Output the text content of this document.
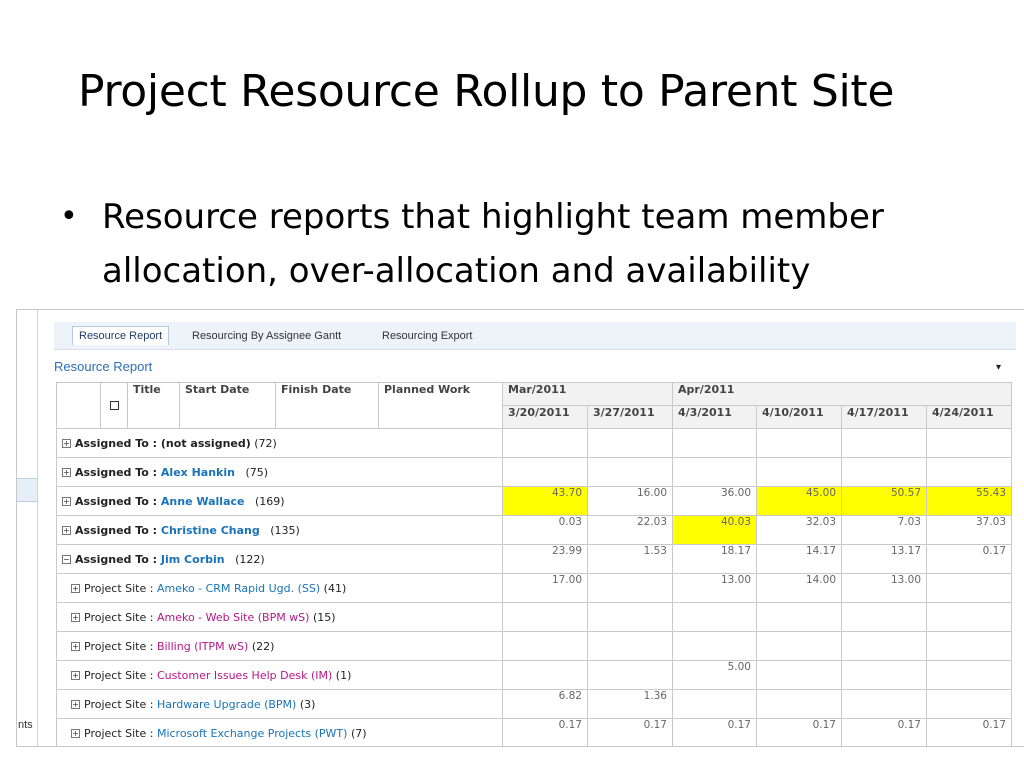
Project Resource Rollup to Parent Site
• Resource reports that highlight team member allocation, over-allocation and availability
nts
Resource Report	Resourcing By Assignee Gantt	Resourcing Export
Resource Report	▾
		Title	Start Date	Finish Date	Planned Work	Mar/2011		Apr/2011			
						3/20/2011	3/27/2011	4/3/2011	4/10/2011	4/17/2011	4/24/2011
+ Assigned To : (not assigned) (72)											
+ Assigned To : Alex Hankin (75)											
+ Assigned To : Anne Wallace (169)						43.70	16.00	36.00	45.00	50.57	55.43
+ Assigned To : Christine Chang (135)						0.03	22.03	40.03	32.03	7.03	37.03
− Assigned To : Jim Corbin (122)						23.99	1.53	18.17	14.17	13.17	0.17
+ Project Site : Ameko - CRM Rapid Ugd. (SS) (41)						17.00		13.00	14.00	13.00	
+ Project Site : Ameko - Web Site (BPM wS) (15)											
+ Project Site : Billing (ITPM wS) (22)											
+ Project Site : Customer Issues Help Desk (IM) (1)								5.00			
+ Project Site : Hardware Upgrade (BPM) (3)						6.82	1.36				
+ Project Site : Microsoft Exchange Projects (PWT) (7)						0.17	0.17	0.17	0.17	0.17	0.17
